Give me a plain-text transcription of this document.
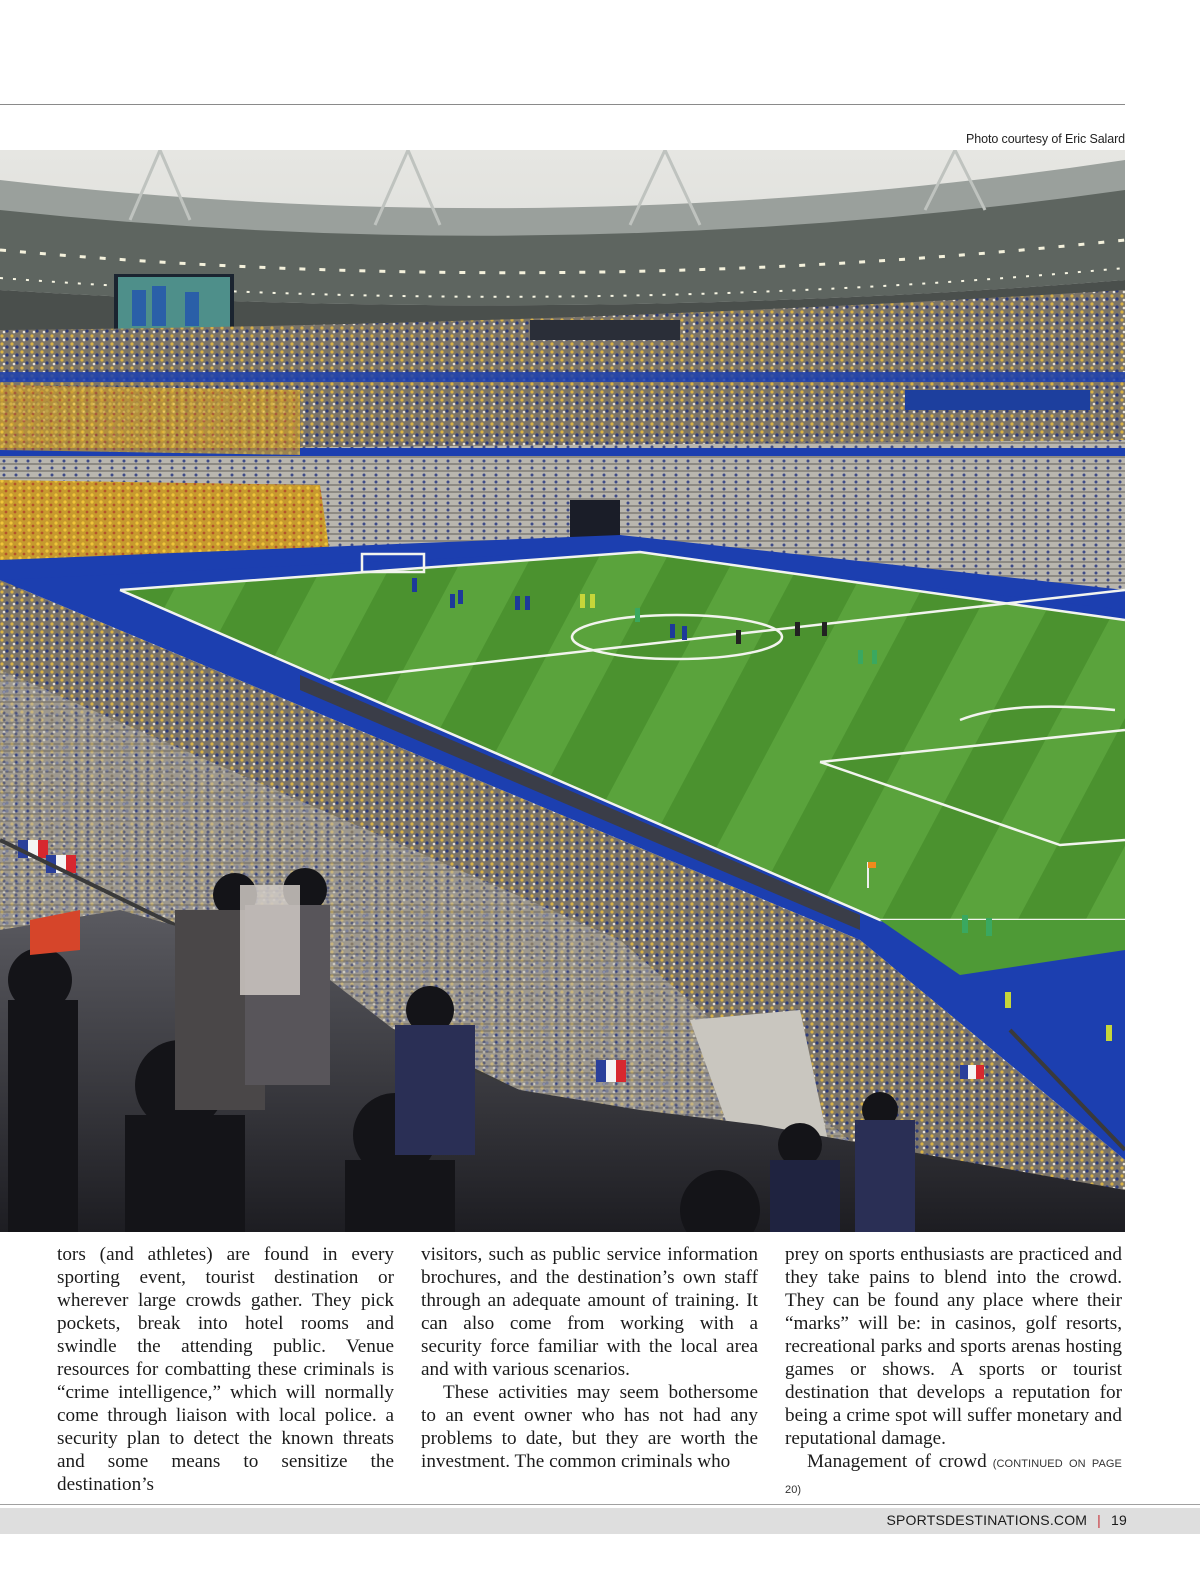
Photo courtesy of Eric Salard

tors (and athletes) are found in every sporting event, tourist destination or wherever large crowds gather. They pick pockets, break into hotel rooms and swindle the attending public. Venue resources for combatting these criminals is “crime intelligence,” which will normally come through liaison with local police. a security plan to detect the known threats and some means to sensitize the destination’s

visitors, such as public service information brochures, and the destination’s own staff through an adequate amount of training. It can also come from working with a security force familiar with the local area and with various scenarios.

These activities may seem bothersome to an event owner who has not had any problems to date, but they are worth the investment. The common criminals who

prey on sports enthusiasts are practiced and they take pains to blend into the crowd. They can be found any place where their “marks” will be: in casinos, golf resorts, recreational parks and sports arenas hosting games or shows. A sports or tourist destination that develops a reputation for being a crime spot will suffer monetary and reputational damage.

Management of crowd (CONTINUED ON PAGE 20)

SPORTSDESTINATIONS.COM | 19
